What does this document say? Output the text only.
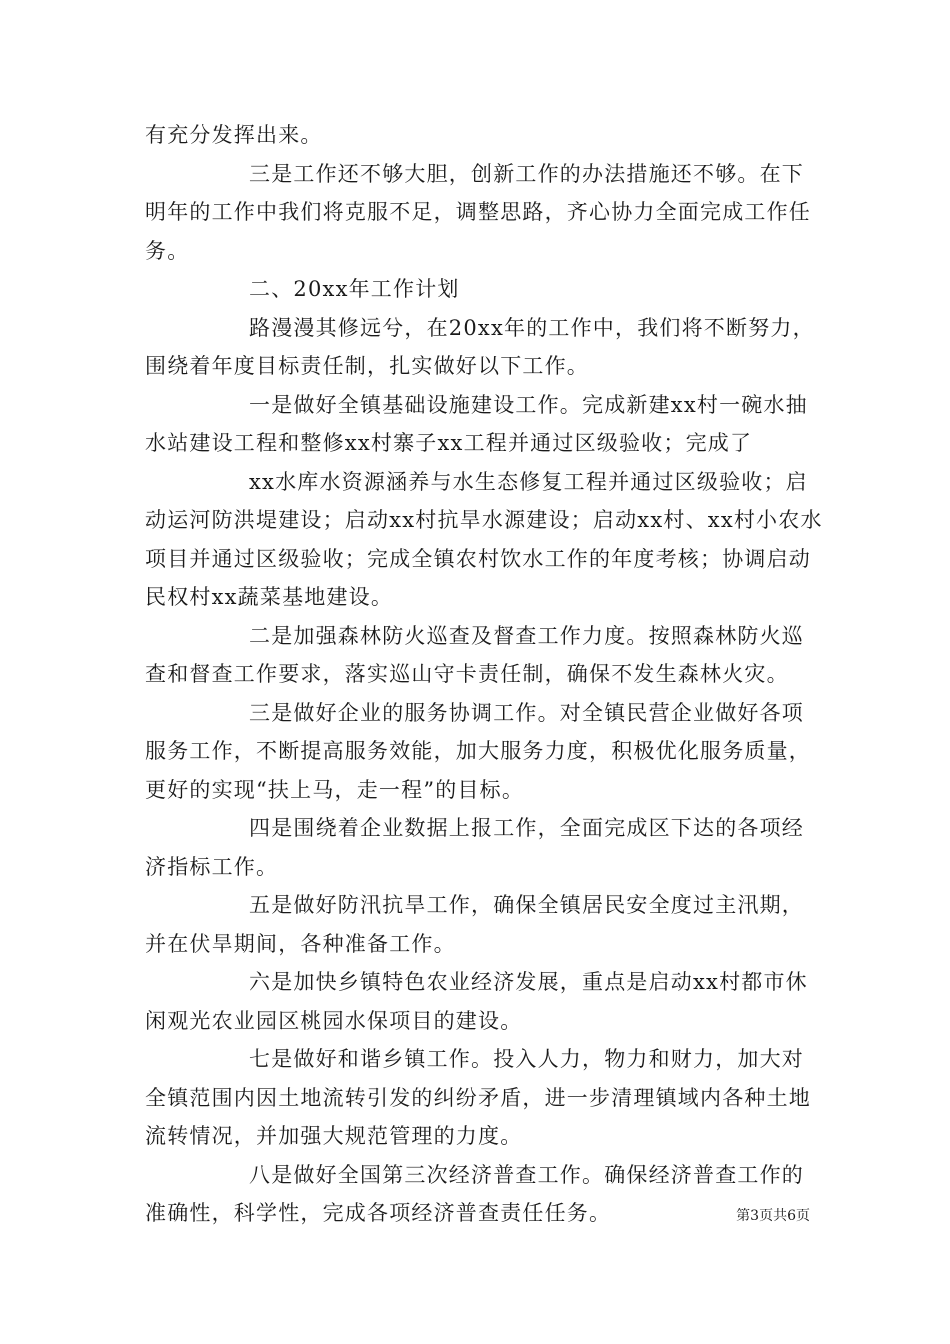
有充分发挥出来。

三是工作还不够大胆，创新工作的办法措施还不够。在下明年的工作中我们将克服不足，调整思路，齐心协力全面完成工作任务。

二、20xx年工作计划

路漫漫其修远兮，在20xx年的工作中，我们将不断努力，围绕着年度目标责任制，扎实做好以下工作。

一是做好全镇基础设施建设工作。完成新建xx村一碗水抽水站建设工程和整修xx村寨子xx工程并通过区级验收；完成了

xx水库水资源涵养与水生态修复工程并通过区级验收；启动运河防洪堤建设；启动xx村抗旱水源建设；启动xx村、xx村小农水项目并通过区级验收；完成全镇农村饮水工作的年度考核；协调启动民权村xx蔬菜基地建设。

二是加强森林防火巡查及督查工作力度。按照森林防火巡查和督查工作要求，落实巡山守卡责任制，确保不发生森林火灾。

三是做好企业的服务协调工作。对全镇民营企业做好各项服务工作，不断提高服务效能，加大服务力度，积极优化服务质量，更好的实现“扶上马，走一程”的目标。

四是围绕着企业数据上报工作，全面完成区下达的各项经济指标工作。

五是做好防汛抗旱工作，确保全镇居民安全度过主汛期，并在伏旱期间，各种准备工作。

六是加快乡镇特色农业经济发展，重点是启动xx村都市休闲观光农业园区桃园水保项目的建设。

七是做好和谐乡镇工作。投入人力，物力和财力，加大对全镇范围内因土地流转引发的纠纷矛盾，进一步清理镇域内各种土地流转情况，并加强大规范管理的力度。

八是做好全国第三次经济普查工作。确保经济普查工作的准确性，科学性，完成各项经济普查责任任务。	第3页共6页
